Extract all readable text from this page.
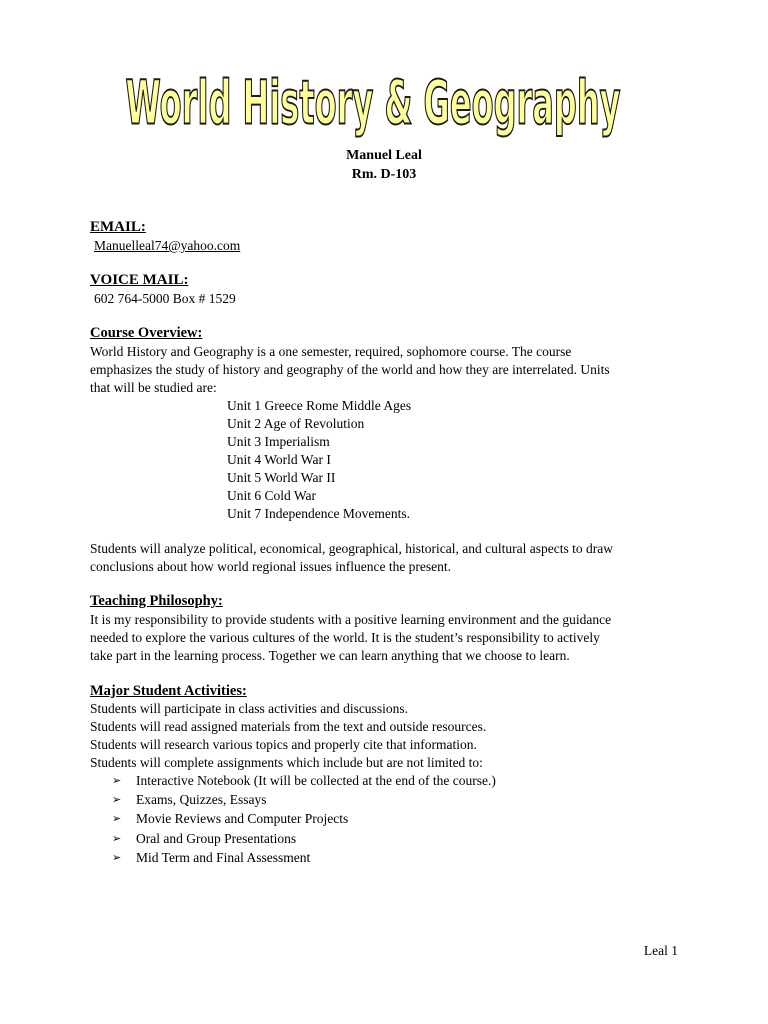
World History & Geography
Manuel Leal
Rm. D-103
EMAIL:
Manuelleal74@yahoo.com
VOICE MAIL:
602 764-5000 Box # 1529
Course Overview:
World History and Geography is a one semester, required, sophomore course. The course
emphasizes the study of history and geography of the world and how they are interrelated. Units
that will be studied are:
Unit 1 Greece Rome Middle Ages
Unit 2 Age of Revolution
Unit 3 Imperialism
Unit 4 World War I
Unit 5 World War II
Unit 6 Cold War
Unit 7 Independence Movements.
Students will analyze political, economical, geographical, historical, and cultural aspects to draw
conclusions about how world regional issues influence the present.
Teaching Philosophy:
It is my responsibility to provide students with a positive learning environment and the guidance
needed to explore the various cultures of the world. It is the student’s responsibility to actively
take part in the learning process. Together we can learn anything that we choose to learn.
Major Student Activities:
Students will participate in class activities and discussions.
Students will read assigned materials from the text and outside resources.
Students will research various topics and properly cite that information.
Students will complete assignments which include but are not limited to:
➢	Interactive Notebook (It will be collected at the end of the course.)
➢	Exams, Quizzes, Essays
➢	Movie Reviews and Computer Projects
➢	Oral and Group Presentations
➢	Mid Term and Final Assessment
Leal 1
